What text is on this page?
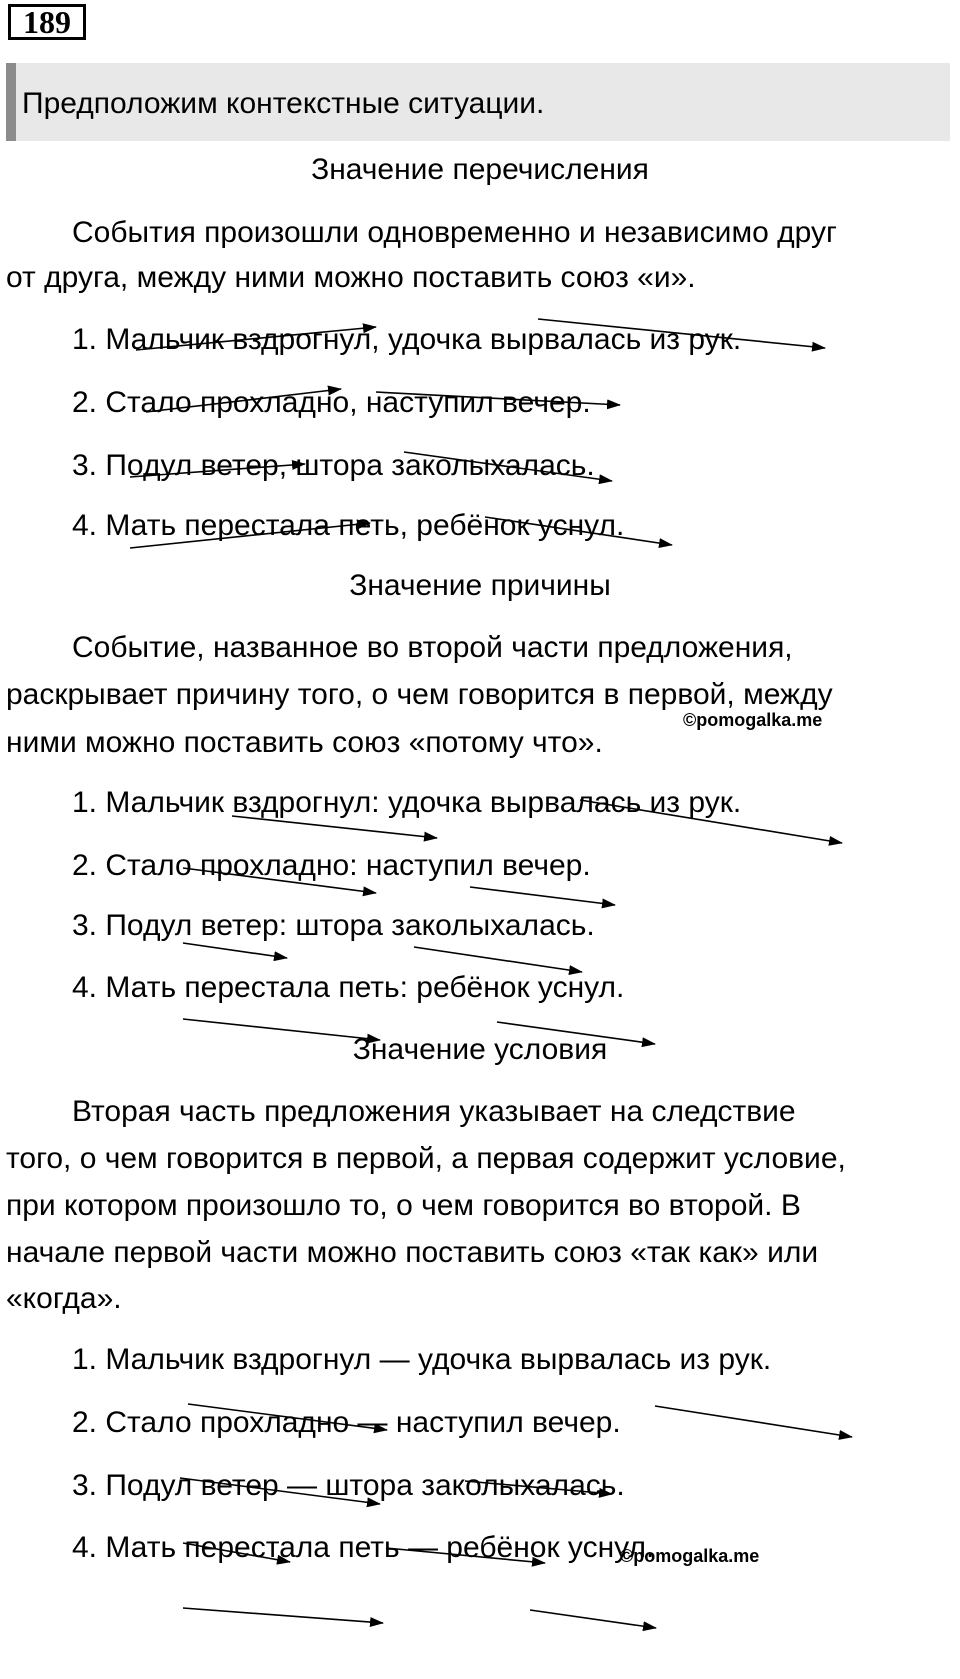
189
Предположим контекстные ситуации.
Значение перечисления
События произошли одновременно и независимо друг
от друга, между ними можно поставить союз «и».
1. Мальчик вздрогнул, удочка вырвалась из рук.
2. Стало прохладно, наступил вечер.
3. Подул ветер, штора заколыхалась.
4. Мать перестала петь, ребёнок уснул.
Значение причины
Событие, названное во второй части предложения,
раскрывает причину того, о чем говорится в первой, между
©pomogalka.me
ними можно поставить союз «потому что».
1. Мальчик вздрогнул: удочка вырвалась из рук.
2. Стало прохладно: наступил вечер.
3. Подул ветер: штора заколыхалась.
4. Мать перестала петь: ребёнок уснул.
Значение условия
Вторая часть предложения указывает на следствие
того, о чем говорится в первой, а первая содержит условие,
при котором произошло то, о чем говорится во второй. В
начале первой части можно поставить союз «так как» или
«когда».
1. Мальчик вздрогнул — удочка вырвалась из рук.
2. Стало прохладно — наступил вечер.
3. Подул ветер — штора заколыхалась.
4. Мать перестала петь — ребёнок уснул.
©pomogalka.me
